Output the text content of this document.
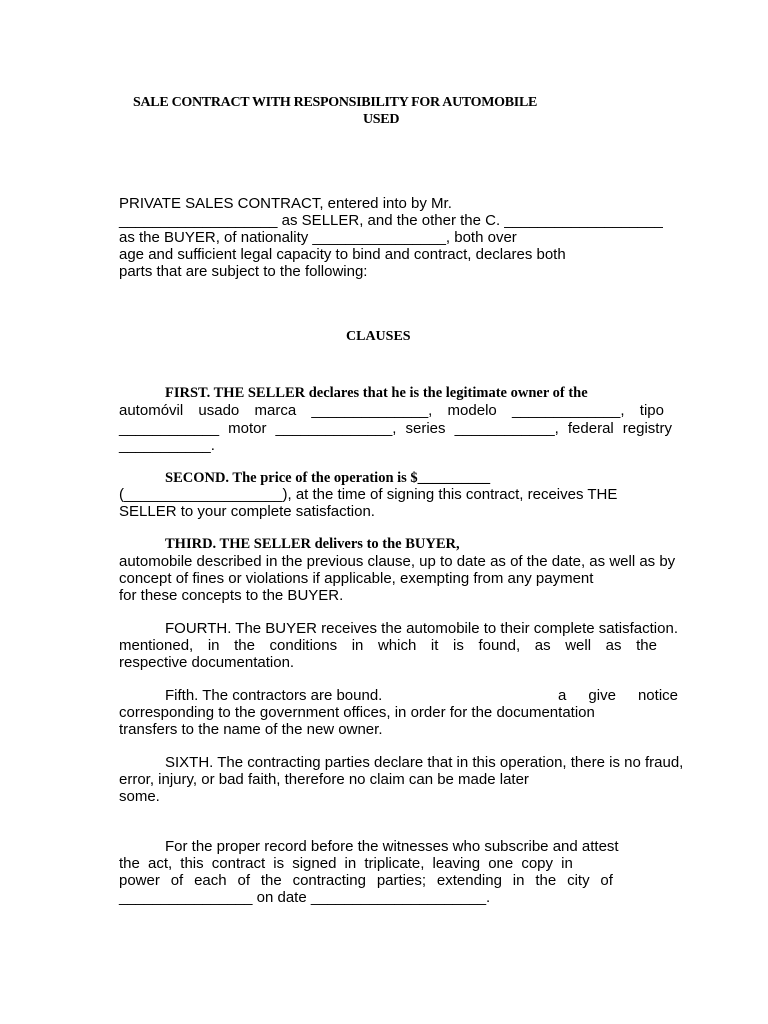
SALE CONTRACT WITH RESPONSIBILITY FOR AUTOMOBILE
USED
PRIVATE SALES CONTRACT, entered into by Mr.
___________________ as SELLER, and the other the C. ___________________
as the BUYER, of nationality ________________, both over
age and sufficient legal capacity to bind and contract, declares both
parts that are subject to the following:
CLAUSES
FIRST. THE SELLER declares that he is the legitimate owner of the
automóvil usado marca ______________, modelo _____________, tipo
____________ motor ______________, series ____________, federal registry
___________.
SECOND. The price of the operation is $__________
(___________________), at the time of signing this contract, receives THE
SELLER to your complete satisfaction.
THIRD. THE SELLER delivers to the BUYER,
automobile described in the previous clause, up to date as of the date, as well as by
concept of fines or violations if applicable, exempting from any payment
for these concepts to the BUYER.
FOURTH. The BUYER receives the automobile to their complete satisfaction.
mentioned, in the conditions in which it is found, as well as the
respective documentation.
Fifth. The contractors are bound.	a give notice
corresponding to the government offices, in order for the documentation
transfers to the name of the new owner.
SIXTH. The contracting parties declare that in this operation, there is no fraud,
error, injury, or bad faith, therefore no claim can be made later
some.
For the proper record before the witnesses who subscribe and attest
the act, this contract is signed in triplicate, leaving one copy in
power of each of the contracting parties; extending in the city of
________________ on date _____________________.
